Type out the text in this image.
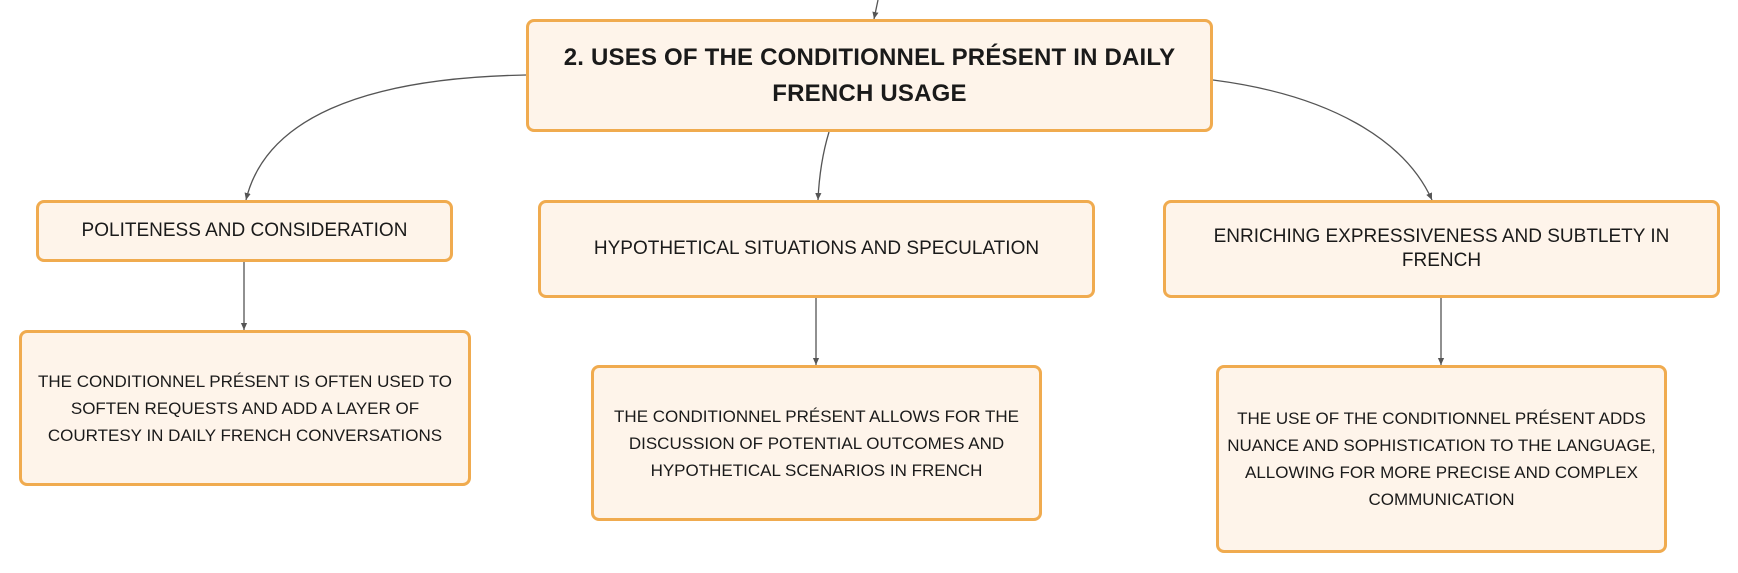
2. USES OF THE CONDITIONNEL PRÉSENT IN DAILY FRENCH USAGE
POLITENESS AND CONSIDERATION
HYPOTHETICAL SITUATIONS AND SPECULATION
ENRICHING EXPRESSIVENESS AND SUBTLETY IN FRENCH
THE CONDITIONNEL PRÉSENT IS OFTEN USED TO SOFTEN REQUESTS AND ADD A LAYER OF COURTESY IN DAILY FRENCH CONVERSATIONS
THE CONDITIONNEL PRÉSENT ALLOWS FOR THE DISCUSSION OF POTENTIAL OUTCOMES AND HYPOTHETICAL SCENARIOS IN FRENCH
THE USE OF THE CONDITIONNEL PRÉSENT ADDS NUANCE AND SOPHISTICATION TO THE LANGUAGE, ALLOWING FOR MORE PRECISE AND COMPLEX COMMUNICATION
